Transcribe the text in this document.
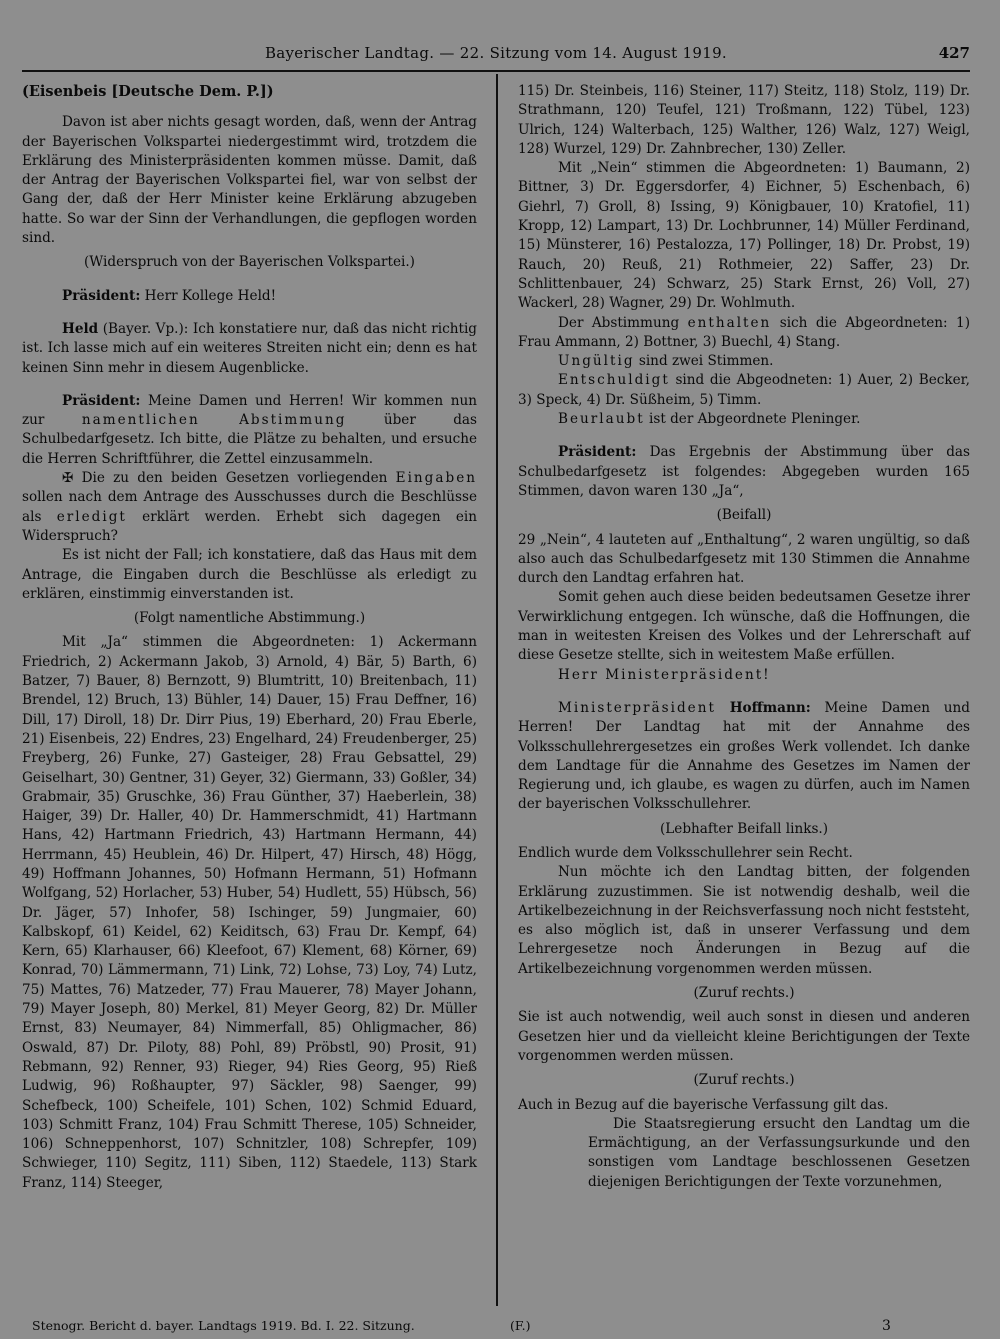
Bayerischer Landtag. — 22. Sitzung vom 14. August 1919.	427

(Eisenbeis [Deutsche Dem. P.])

Davon ist aber nichts gesagt worden, daß, wenn der Antrag der Bayerischen Volkspartei niedergestimmt wird, trotzdem die Erklärung des Ministerpräsidenten kommen müsse. Damit, daß der Antrag der Bayerischen Volkspartei fiel, war von selbst der Gang der, daß der Herr Minister keine Erklärung abzugeben hatte. So war der Sinn der Verhandlungen, die gepflogen worden sind.

(Widerspruch von der Bayerischen Volkspartei.)

Präsident: Herr Kollege Held!

Held (Bayer. Vp.): Ich konstatiere nur, daß das nicht richtig ist. Ich lasse mich auf ein weiteres Streiten nicht ein; denn es hat keinen Sinn mehr in diesem Augenblicke.

Präsident: Meine Damen und Herren! Wir kommen nun zur	namentlichen Abstimmung	über das Schulbedarfgesetz. Ich bitte, die Plätze zu behalten, und ersuche die Herren Schriftführer, die Zettel einzusammeln.

✠ Die zu den beiden Gesetzen vorliegenden Eingaben sollen nach dem Antrage des Ausschusses durch die Beschlüsse als erledigt erklärt werden. Erhebt sich dagegen ein Widerspruch?

Es ist nicht der Fall; ich konstatiere, daß das Haus mit dem Antrage, die Eingaben durch die Beschlüsse als erledigt zu erklären, einstimmig einverstanden ist.

(Folgt namentliche Abstimmung.)

Mit „Ja“ stimmen die Abgeordneten: 1) Ackermann Friedrich, 2) Ackermann Jakob, 3) Arnold, 4) Bär, 5) Barth, 6) Batzer, 7) Bauer, 8) Bernzott, 9) Blumtritt, 10) Breitenbach, 11) Brendel, 12) Bruch, 13) Bühler, 14) Dauer, 15) Frau Deffner, 16) Dill, 17) Diroll, 18) Dr. Dirr Pius, 19) Eberhard, 20) Frau Eberle, 21) Eisenbeis, 22) Endres, 23) Engelhard, 24) Freudenberger, 25) Freyberg, 26) Funke, 27) Gasteiger, 28) Frau Gebsattel, 29) Geiselhart, 30) Gentner, 31) Geyer, 32) Giermann, 33) Goßler, 34) Grabmair, 35) Gruschke, 36) Frau Günther, 37) Haeberlein, 38) Haiger, 39) Dr. Haller, 40) Dr. Hammerschmidt, 41) Hartmann Hans, 42) Hartmann Friedrich, 43) Hartmann Hermann, 44) Herrmann, 45) Heublein, 46) Dr. Hilpert, 47) Hirsch, 48) Högg, 49) Hoffmann Johannes, 50) Hofmann Hermann, 51) Hofmann Wolfgang, 52) Horlacher, 53) Huber, 54) Hudlett, 55) Hübsch, 56) Dr. Jäger, 57) Inhofer, 58) Ischinger, 59) Jungmaier, 60) Kalbskopf, 61) Keidel, 62) Keiditsch, 63) Frau Dr. Kempf, 64) Kern, 65) Klarhauser, 66) Kleefoot, 67) Klement, 68) Körner, 69) Konrad, 70) Lämmermann, 71) Link, 72) Lohse, 73) Loy, 74) Lutz, 75) Mattes, 76) Matzeder, 77) Frau Mauerer, 78) Mayer Johann, 79) Mayer Joseph, 80) Merkel, 81) Meyer Georg, 82) Dr. Müller Ernst, 83) Neumayer, 84) Nimmerfall, 85) Ohligmacher, 86) Oswald, 87) Dr. Piloty, 88) Pohl, 89) Pröbstl, 90) Prosit, 91) Rebmann, 92) Renner, 93) Rieger, 94) Ries Georg, 95) Rieß Ludwig, 96) Roßhaupter, 97) Säckler, 98) Saenger, 99) Schefbeck, 100) Scheifele, 101) Schen, 102) Schmid Eduard, 103) Schmitt Franz, 104) Frau Schmitt Therese, 105) Schneider, 106) Schneppenhorst, 107) Schnitzler, 108) Schrepfer, 109) Schwieger, 110) Segitz, 111) Siben, 112) Staedele, 113) Stark Franz, 114) Steeger,

115) Dr. Steinbeis, 116) Steiner, 117) Steitz, 118) Stolz, 119) Dr. Strathmann, 120) Teufel, 121) Troßmann, 122) Tübel, 123) Ulrich, 124) Walterbach, 125) Walther, 126) Walz, 127) Weigl, 128) Wurzel, 129) Dr. Zahnbrecher, 130) Zeller.

Mit „Nein“ stimmen die Abgeordneten: 1) Baumann, 2) Bittner, 3) Dr. Eggersdorfer, 4) Eichner, 5) Eschenbach, 6) Giehrl, 7) Groll, 8) Issing, 9) Königbauer, 10) Kratofiel, 11) Kropp, 12) Lampart, 13) Dr. Lochbrunner, 14) Müller Ferdinand, 15) Münsterer, 16) Pestalozza, 17) Pollinger, 18) Dr. Probst, 19) Rauch, 20) Reuß, 21) Rothmeier, 22) Saffer, 23) Dr. Schlittenbauer, 24) Schwarz, 25) Stark Ernst, 26) Voll, 27) Wackerl, 28) Wagner, 29) Dr. Wohlmuth.

Der Abstimmung enthalten sich die Abgeordneten: 1) Frau Ammann, 2) Bottner, 3) Buechl, 4) Stang.

Ungültig sind zwei Stimmen.

Entschuldigt sind die Abgeodneten: 1) Auer, 2) Becker, 3) Speck, 4) Dr. Süßheim, 5) Timm.

Beurlaubt ist der Abgeordnete Pleninger.

Präsident: Das Ergebnis der Abstimmung über das Schulbedarfgesetz ist folgendes: Abgegeben wurden 165 Stimmen, davon waren 130 „Ja“,

(Beifall)

29 „Nein“, 4 lauteten auf „Enthaltung“, 2 waren ungültig, so daß also auch das Schulbedarfgesetz mit 130 Stimmen die Annahme durch den Landtag erfahren hat.

Somit gehen auch diese beiden bedeutsamen Gesetze ihrer Verwirklichung entgegen. Ich wünsche, daß die Hoffnungen, die man in weitesten Kreisen des Volkes und der Lehrerschaft auf diese Gesetze stellte, sich in weitestem Maße erfüllen.

Herr Ministerpräsident!

Ministerpräsident Hoffmann: Meine Damen und Herren! Der Landtag hat mit der Annahme des Volksschullehrergesetzes ein großes Werk vollendet. Ich danke dem Landtage für die Annahme des Gesetzes im Namen der Regierung und, ich glaube, es wagen zu dürfen, auch im Namen der bayerischen Volksschullehrer.

(Lebhafter Beifall links.)

Endlich wurde dem Volksschullehrer sein Recht.

Nun möchte ich den Landtag bitten, der folgenden Erklärung zuzustimmen. Sie ist notwendig deshalb, weil die Artikelbezeichnung in der Reichsverfassung noch nicht feststeht, es also möglich ist, daß in unserer Verfassung und dem Lehrergesetze noch Änderungen in Bezug auf die Artikelbezeichnung vorgenommen werden müssen.

(Zuruf rechts.)

Sie ist auch notwendig, weil auch sonst in diesen und anderen Gesetzen hier und da vielleicht kleine Berichtigungen der Texte vorgenommen werden müssen.

(Zuruf rechts.)

Auch in Bezug auf die bayerische Verfassung gilt das.

Die Staatsregierung ersucht den Landtag um die Ermächtigung, an der Verfassungsurkunde und den sonstigen vom Landtage beschlossenen Gesetzen diejenigen Berichtigungen der Texte vorzunehmen,

Stenogr. Bericht d. bayer. Landtags 1919. Bd. I. 22. Sitzung.	(F.)	3
